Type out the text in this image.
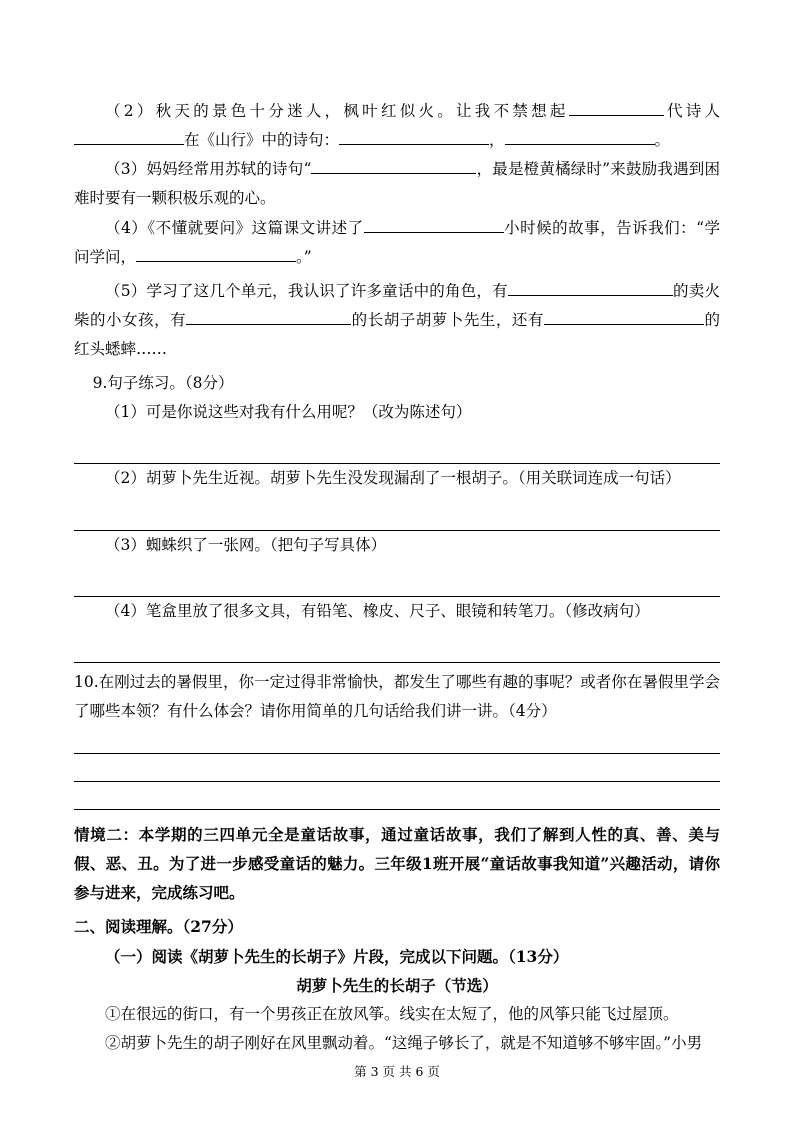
（2）秋天的景色十分迷人，枫叶红似火。让我不禁想起	代诗人在《山行》中的诗句：	，	。

（3）妈妈经常用苏轼的诗句“	，最是橙黄橘绿时”来鼓励我遇到困难时要有一颗积极乐观的心。

（4）《不懂就要问》这篇课文讲述了	小时候的故事，告诉我们：“学问学问，	。”

（5）学习了这几个单元，我认识了许多童话中的角色，有	的卖火柴的小女孩，有	的长胡子胡萝卜先生，还有	的红头蟋蟀……

9.句子练习。（8分）

（1）可是你说这些对我有什么用呢？（改为陈述句）

（2）胡萝卜先生近视。胡萝卜先生没发现漏刮了一根胡子。（用关联词连成一句话）

（3）蜘蛛织了一张网。（把句子写具体）

（4）笔盒里放了很多文具，有铅笔、橡皮、尺子、眼镜和转笔刀。（修改病句）

10.在刚过去的暑假里，你一定过得非常愉快，都发生了哪些有趣的事呢？或者你在暑假里学会了哪些本领？有什么体会？请你用简单的几句话给我们讲一讲。（4分）

情境二：本学期的三四单元全是童话故事，通过童话故事，我们了解到人性的真、善、美与假、恶、丑。为了进一步感受童话的魅力。三年级1班开展“童话故事我知道”兴趣活动，请你参与进来，完成练习吧。

二、阅读理解。（27分）

（一）阅读《胡萝卜先生的长胡子》片段，完成以下问题。（13分）

胡萝卜先生的长胡子（节选）

①在很远的街口，有一个男孩正在放风筝。线实在太短了，他的风筝只能飞过屋顶。

②胡萝卜先生的胡子刚好在风里飘动着。“这绳子够长了，就是不知道够不够牢固。”小男

第 3 页 共 6 页
